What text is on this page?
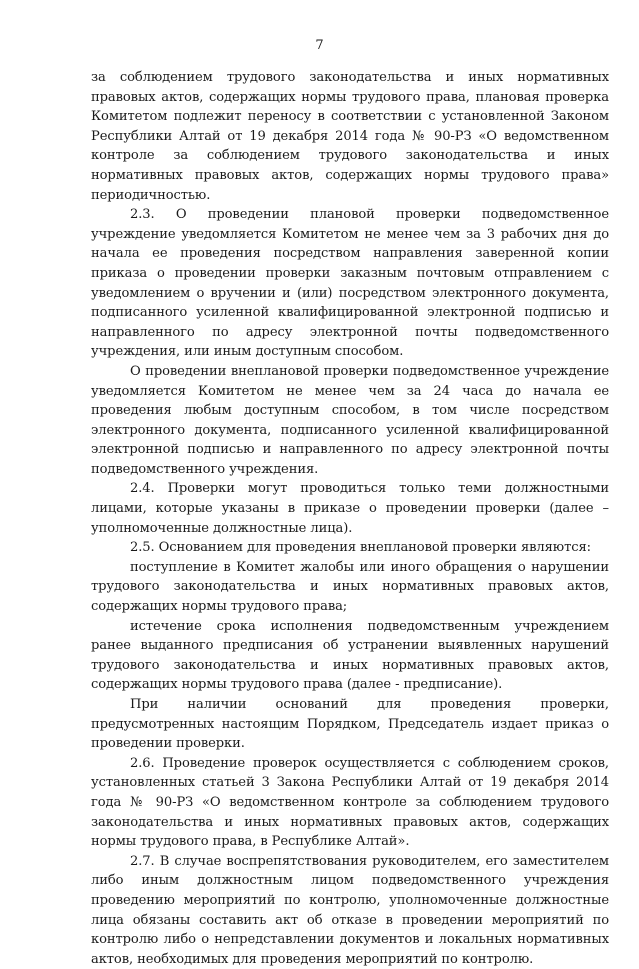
7

за соблюдением трудового законодательства и иных нормативных правовых актов, содержащих нормы трудового права, плановая проверка Комитетом подлежит переносу в соответствии с установленной Законом Республики Алтай от 19 декабря 2014 года № 90-РЗ «О ведомственном контроле за соблюдением трудового законодательства и иных нормативных правовых актов, содержащих нормы трудового права» периодичностью.

2.3. О проведении плановой проверки подведомственное учреждение уведомляется Комитетом не менее чем за 3 рабочих дня до начала ее проведения посредством направления заверенной копии приказа о проведении проверки заказным почтовым отправлением с уведомлением о вручении и (или) посредством электронного документа, подписанного усиленной квалифицированной электронной подписью и направленного по адресу электронной почты подведомственного учреждения, или иным доступным способом.

О проведении внеплановой проверки подведомственное учреждение уведомляется Комитетом не менее чем за 24 часа до начала ее проведения любым доступным способом, в том числе посредством электронного документа, подписанного усиленной квалифицированной электронной подписью и направленного по адресу электронной почты подведомственного учреждения.

2.4. Проверки могут проводиться только теми должностными лицами, которые указаны в приказе о проведении проверки (далее – уполномоченные должностные лица).

2.5. Основанием для проведения внеплановой проверки являются:

поступление в Комитет жалобы или иного обращения о нарушении трудового законодательства и иных нормативных правовых актов, содержащих нормы трудового права;

истечение срока исполнения подведомственным учреждением ранее выданного предписания об устранении выявленных нарушений трудового законодательства и иных нормативных правовых актов, содержащих нормы трудового права (далее - предписание).

При наличии оснований для проведения проверки, предусмотренных настоящим Порядком, Председатель издает приказ о проведении проверки.

2.6. Проведение проверок осуществляется с соблюдением сроков, установленных статьей 3 Закона Республики Алтай от 19 декабря 2014 года № 90-РЗ «О ведомственном контроле за соблюдением трудового законодательства и иных нормативных правовых актов, содержащих нормы трудового права, в Республике Алтай».

2.7. В случае воспрепятствования руководителем, его заместителем либо иным должностным лицом подведомственного учреждения проведению мероприятий по контролю, уполномоченные должностные лица обязаны составить акт об отказе в проведении мероприятий по контролю либо о непредставлении документов и локальных нормативных актов, необходимых для проведения мероприятий по контролю.
